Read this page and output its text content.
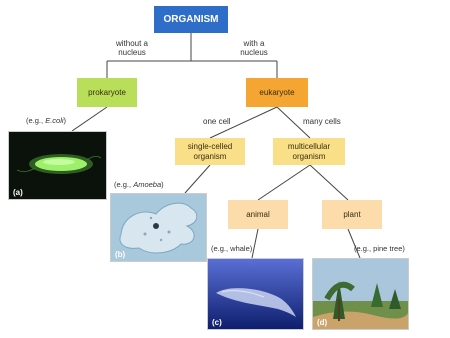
ORGANISM
without a nucleus
with a nucleus
prokaryote	eukaryote
one cell	many cells
single-celled organism
multicellular organism
animal	plant
(e.g., E.coli)
(e.g., Amoeba)
(e.g., whale)	(e.g., pine tree)
(a)
(b)
(c)	(d)
